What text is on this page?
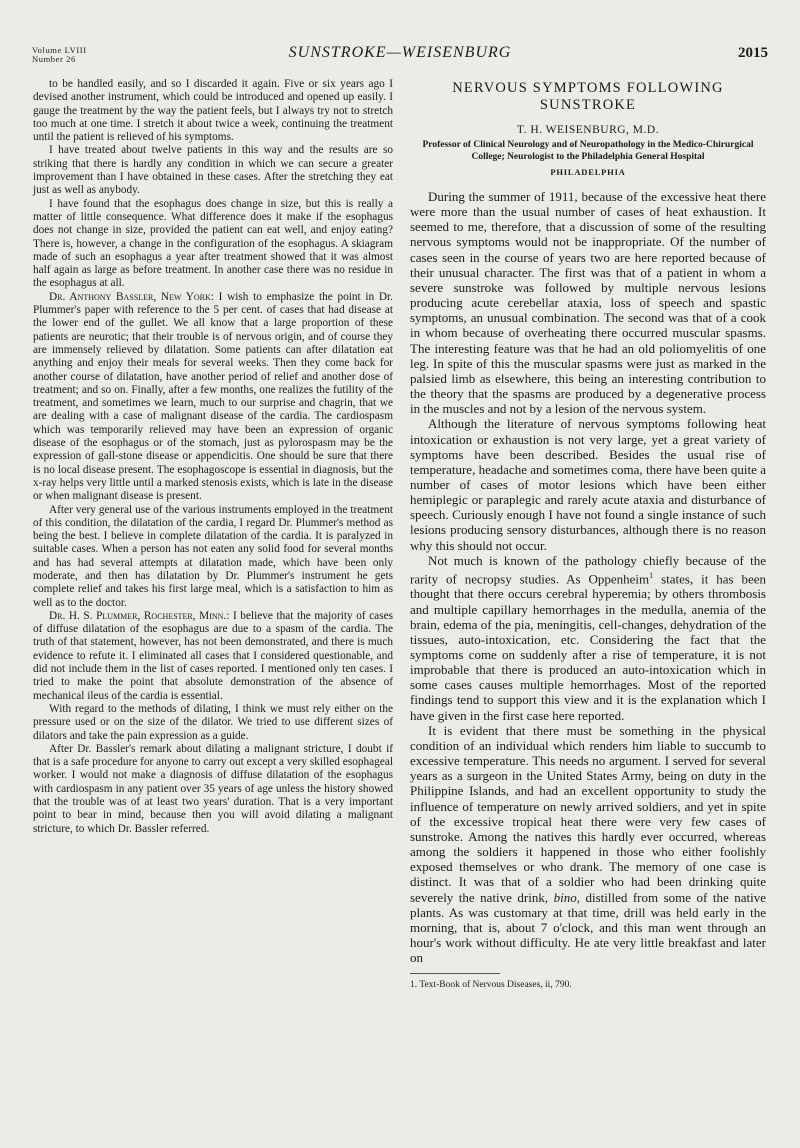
Volume LVIII
Number 26	SUNSTROKE—WEISENBURG	2015

to be handled easily, and so I discarded it again. Five or six years ago I devised another instrument, which could be introduced and opened up easily. I gauge the treatment by the way the patient feels, but I always try not to stretch too much at one time. I stretch it about twice a week, continuing the treatment until the patient is relieved of his symptoms.

I have treated about twelve patients in this way and the results are so striking that there is hardly any condition in which we can secure a greater improvement than I have obtained in these cases. After the stretching they eat just as well as anybody.

I have found that the esophagus does change in size, but this is really a matter of little consequence. What difference does it make if the esophagus does not change in size, provided the patient can eat well, and enjoy eating? There is, however, a change in the configuration of the esophagus. A skiagram made of such an esophagus a year after treatment showed that it was almost half again as large as before treatment. In another case there was no residue in the esophagus at all.

Dr. Anthony Bassler, New York: I wish to emphasize the point in Dr. Plummer's paper with reference to the 5 per cent. of cases that had disease at the lower end of the gullet. We all know that a large proportion of these patients are neurotic; that their trouble is of nervous origin, and of course they are immensely relieved by dilatation. Some patients can after dilatation eat anything and enjoy their meals for several weeks. Then they come back for another course of dilatation, have another period of relief and another dose of treatment; and so on. Finally, after a few months, one realizes the futility of the treatment, and sometimes we learn, much to our surprise and chagrin, that we are dealing with a case of malignant disease of the cardia. The cardiospasm which was temporarily relieved may have been an expression of organic disease of the esophagus or of the stomach, just as pylorospasm may be the expression of gall-stone disease or appendicitis. One should be sure that there is no local disease present. The esophagoscope is essential in diagnosis, but the x-ray helps very little until a marked stenosis exists, which is late in the disease or when malignant disease is present.

After very general use of the various instruments employed in the treatment of this condition, the dilatation of the cardia, I regard Dr. Plummer's method as being the best. I believe in complete dilatation of the cardia. It is paralyzed in suitable cases. When a person has not eaten any solid food for several months and has had several attempts at dilatation made, which have been only moderate, and then has dilatation by Dr. Plummer's instrument he gets complete relief and takes his first large meal, which is a satisfaction to him as well as to the doctor.

Dr. H. S. Plummer, Rochester, Minn.: I believe that the majority of cases of diffuse dilatation of the esophagus are due to a spasm of the cardia. The truth of that statement, however, has not been demonstrated, and there is much evidence to refute it. I eliminated all cases that I considered questionable, and did not include them in the list of cases reported. I mentioned only ten cases. I tried to make the point that absolute demonstration of the absence of mechanical ileus of the cardia is essential.

With regard to the methods of dilating, I think we must rely either on the pressure used or on the size of the dilator. We tried to use different sizes of dilators and take the pain expression as a guide.

After Dr. Bassler's remark about dilating a malignant stricture, I doubt if that is a safe procedure for anyone to carry out except a very skilled esophageal worker. I would not make a diagnosis of diffuse dilatation of the esophagus with cardiospasm in any patient over 35 years of age unless the history showed that the trouble was of at least two years' duration. That is a very important point to bear in mind, because then you will avoid dilating a malignant stricture, to which Dr. Bassler referred.

NERVOUS SYMPTOMS FOLLOWING
SUNSTROKE
T. H. WEISENBURG, M.D.
Professor of Clinical Neurology and of Neuropathology in the Medico-Chirurgical College; Neurologist to the Philadelphia General Hospital
PHILADELPHIA

During the summer of 1911, because of the excessive heat there were more than the usual number of cases of heat exhaustion. It seemed to me, therefore, that a discussion of some of the resulting nervous symptoms would not be inappropriate. Of the number of cases seen in the course of years two are here reported because of their unusual character. The first was that of a patient in whom a severe sunstroke was followed by multiple nervous lesions producing acute cerebellar ataxia, loss of speech and spastic symptoms, an unusual combination. The second was that of a cook in whom because of overheating there occurred muscular spasms. The interesting feature was that he had an old poliomyelitis of one leg. In spite of this the muscular spasms were just as marked in the palsied limb as elsewhere, this being an interesting contribution to the theory that the spasms are produced by a degenerative process in the muscles and not by a lesion of the nervous system.

Although the literature of nervous symptoms following heat intoxication or exhaustion is not very large, yet a great variety of symptoms have been described. Besides the usual rise of temperature, headache and sometimes coma, there have been quite a number of cases of motor lesions which have been either hemiplegic or paraplegic and rarely acute ataxia and disturbance of speech. Curiously enough I have not found a single instance of such lesions producing sensory disturbances, although there is no reason why this should not occur.

Not much is known of the pathology chiefly because of the rarity of necropsy studies. As Oppenheim$^1$ states, it has been thought that there occurs cerebral hyperemia; by others thrombosis and multiple capillary hemorrhages in the medulla, anemia of the brain, edema of the pia, meningitis, cell-changes, dehydration of the tissues, auto-intoxication, etc. Considering the fact that the symptoms come on suddenly after a rise of temperature, it is not improbable that there is produced an auto-intoxication which in some cases causes multiple hemorrhages. Most of the reported findings tend to support this view and it is the explanation which I have given in the first case here reported.

It is evident that there must be something in the physical condition of an individual which renders him liable to succumb to excessive temperature. This needs no argument. I served for several years as a surgeon in the United States Army, being on duty in the Philippine Islands, and had an excellent opportunity to study the influence of temperature on newly arrived soldiers, and yet in spite of the excessive tropical heat there were very few cases of sunstroke. Among the natives this hardly ever occurred, whereas among the soldiers it happened in those who either foolishly exposed themselves or who drank. The memory of one case is distinct. It was that of a soldier who had been drinking quite severely the native drink, bino, distilled from some of the native plants. As was customary at that time, drill was held early in the morning, that is, about 7 o'clock, and this man went through an hour's work without difficulty. He ate very little breakfast and later on

1. Text-Book of Nervous Diseases, ii, 790.
